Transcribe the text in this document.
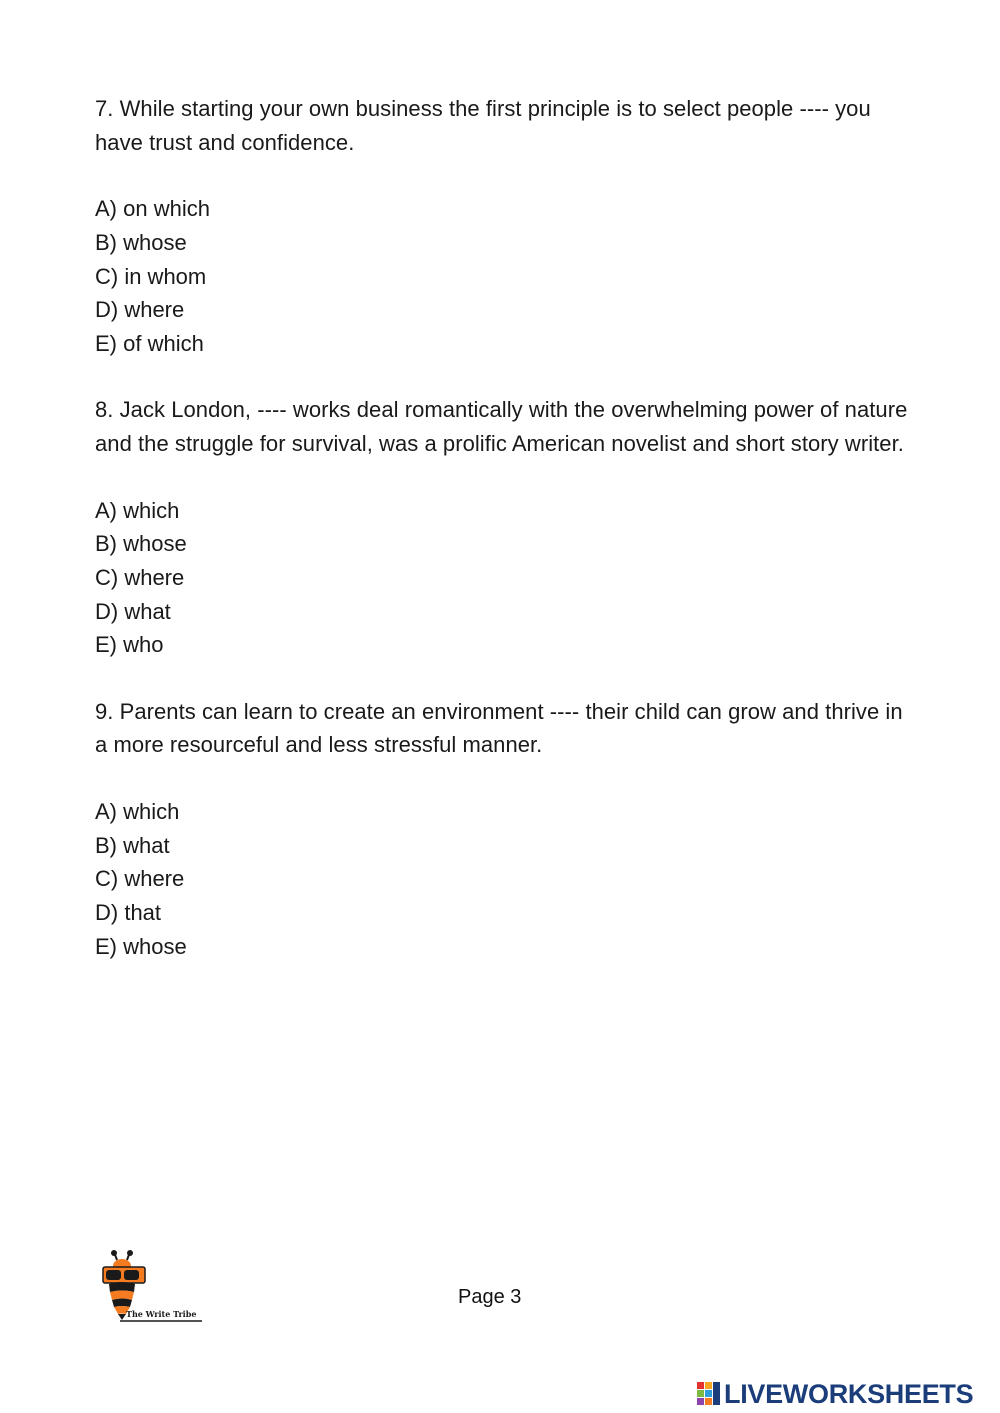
7. While starting your own business the first principle is to select people ---- you have trust and confidence.

A) on which
B) whose
C) in whom
D) where
E) of which

8. Jack London, ---- works deal romantically with the overwhelming power of nature and the struggle for survival, was a prolific American novelist and short story writer.

A) which
B) whose
C) where
D) what
E) who

9. Parents can learn to create an environment ---- their child can grow and thrive in a more resourceful and less stressful manner.

A) which
B) what
C) where
D) that
E) whose
The Write Tribe
Page 3
LIVEWORKSHEETS
